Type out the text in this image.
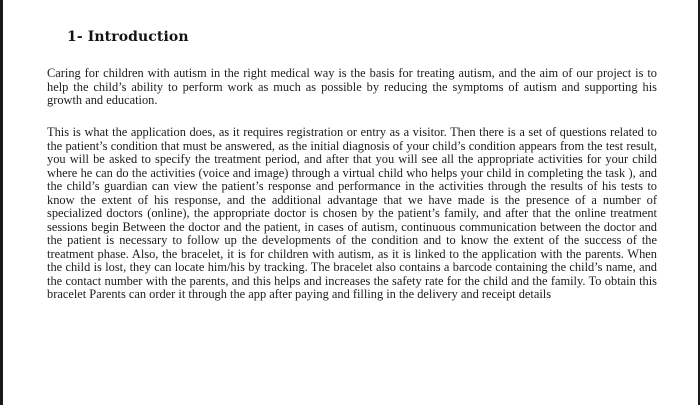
1- Introduction

Caring for children with autism in the right medical way is the basis for treating autism, and the aim of our project is to help the child’s ability to perform work as much as possible by reducing the symptoms of autism and supporting his growth and education.

This is what the application does, as it requires registration or entry as a visitor. Then there is a set of questions related to the patient’s condition that must be answered, as the initial diagnosis of your child’s condition appears from the test result, you will be asked to specify the treatment period, and after that you will see all the appropriate activities for your child where he can do the activities (voice and image) through a virtual child who helps your child in completing the task ), and the child’s guardian can view the patient’s response and performance in the activities through the results of his tests to know the extent of his response, and the additional advantage that we have made is the presence of a number of specialized doctors (online), the appropriate doctor is chosen by the patient’s family, and after that the online treatment sessions begin Between the doctor and the patient, in cases of autism, continuous communication between the doctor and the patient is necessary to follow up the developments of the condition and to know the extent of the success of the treatment phase. Also, the bracelet, it is for children with autism, as it is linked to the application with the parents. When the child is lost, they can locate him/his by tracking. The bracelet also contains a barcode containing the child’s name, and the contact number with the parents, and this helps and increases the safety rate for the child and the family. To obtain this bracelet Parents can order it through the app after paying and filling in the delivery and receipt details
